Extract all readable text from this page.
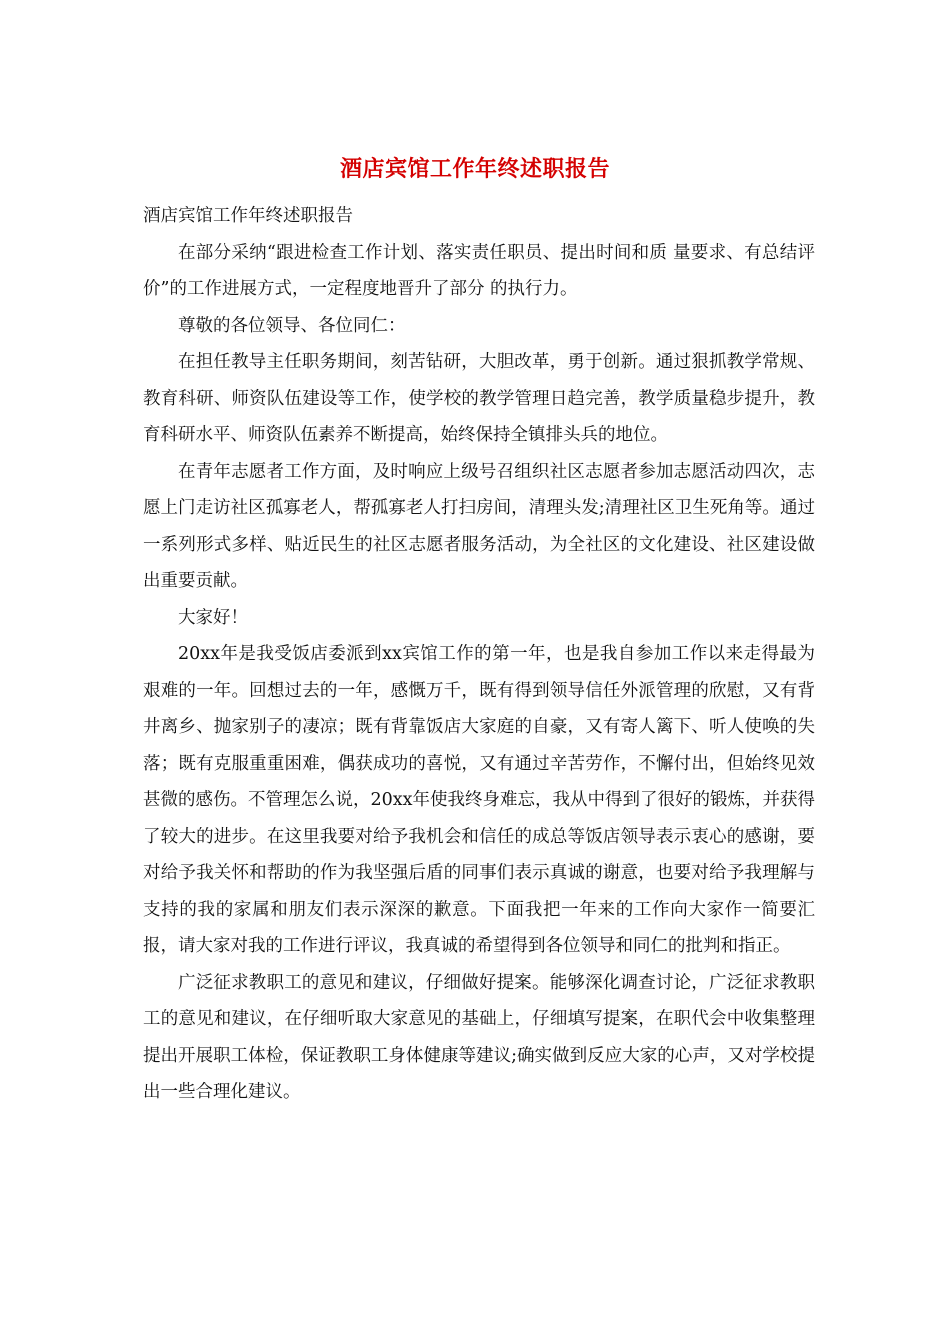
酒店宾馆工作年终述职报告

酒店宾馆工作年终述职报告

在部分采纳“跟进检查工作计划、落实责任职员、提出时间和质 量要求、有总结评价”的工作进展方式，一定程度地晋升了部分 的执行力。

尊敬的各位领导、各位同仁：

在担任教导主任职务期间，刻苦钻研，大胆改革，勇于创新。通过狠抓教学常规、教育科研、师资队伍建设等工作，使学校的教学管理日趋完善，教学质量稳步提升，教育科研水平、师资队伍素养不断提高，始终保持全镇排头兵的地位。

在青年志愿者工作方面，及时响应上级号召组织社区志愿者参加志愿活动四次，志愿上门走访社区孤寡老人，帮孤寡老人打扫房间，清理头发;清理社区卫生死角等。通过一系列形式多样、贴近民生的社区志愿者服务活动，为全社区的文化建设、社区建设做出重要贡献。

大家好！

20xx年是我受饭店委派到xx宾馆工作的第一年，也是我自参加工作以来走得最为艰难的一年。回想过去的一年，感慨万千，既有得到领导信任外派管理的欣慰，又有背井离乡、抛家别子的凄凉；既有背靠饭店大家庭的自豪，又有寄人篱下、听人使唤的失落；既有克服重重困难，偶获成功的喜悦，又有通过辛苦劳作，不懈付出，但始终见效甚微的感伤。不管理怎么说，20xx年使我终身难忘，我从中得到了很好的锻炼，并获得了较大的进步。在这里我要对给予我机会和信任的成总等饭店领导表示衷心的感谢，要对给予我关怀和帮助的作为我坚强后盾的同事们表示真诚的谢意，也要对给予我理解与支持的我的家属和朋友们表示深深的歉意。下面我把一年来的工作向大家作一简要汇报，请大家对我的工作进行评议，我真诚的希望得到各位领导和同仁的批判和指正。

广泛征求教职工的意见和建议，仔细做好提案。能够深化调查讨论，广泛征求教职工的意见和建议，在仔细听取大家意见的基础上，仔细填写提案，在职代会中收集整理提出开展职工体检，保证教职工身体健康等建议;确实做到反应大家的心声，又对学校提出一些合理化建议。
